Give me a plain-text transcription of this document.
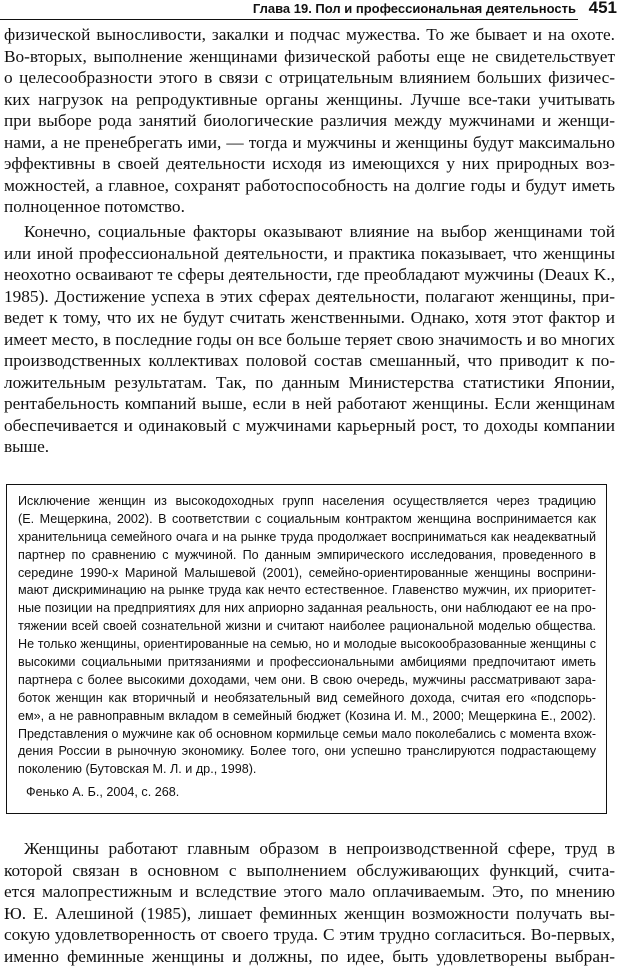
Глава 19. Пол и профессиональная деятельность 451
физической выносливости, закалки и подчас мужества. То же бывает и на охоте.
Во-вторых, выполнение женщинами физической работы еще не свидетельствует
о целесообразности этого в связи с отрицательным влиянием больших физичес-
ких нагрузок на репродуктивные органы женщины. Лучше все-таки учитывать
при выборе рода занятий биологические различия между мужчинами и женщи-
нами, а не пренебрегать ими, — тогда и мужчины и женщины будут максимально
эффективны в своей деятельности исходя из имеющихся у них природных воз-
можностей, а главное, сохранят работоспособность на долгие годы и будут иметь
полноценное потомство.
Конечно, социальные факторы оказывают влияние на выбор женщинами той
или иной профессиональной деятельности, и практика показывает, что женщины
неохотно осваивают те сферы деятельности, где преобладают мужчины (Deaux K.,
1985). Достижение успеха в этих сферах деятельности, полагают женщины, при-
ведет к тому, что их не будут считать женственными. Однако, хотя этот фактор и
имеет место, в последние годы он все больше теряет свою значимость и во многих
производственных коллективах половой состав смешанный, что приводит к по-
ложительным результатам. Так, по данным Министерства статистики Японии,
рентабельность компаний выше, если в ней работают женщины. Если женщинам
обеспечивается и одинаковый с мужчинами карьерный рост, то доходы компании
выше.
Исключение женщин из высокодоходных групп населения осуществляется через традицию
(Е. Мещеркина, 2002). В соответствии с социальным контрактом женщина воспринимается как
хранительница семейного очага и на рынке труда продолжает восприниматься как неадекватный
партнер по сравнению с мужчиной. По данным эмпирического исследования, проведенного в
середине 1990-х Мариной Малышевой (2001), семейно-ориентированные женщины восприни-
мают дискриминацию на рынке труда как нечто естественное. Главенство мужчин, их приоритет-
ные позиции на предприятиях для них априорно заданная реальность, они наблюдают ее на про-
тяжении всей своей сознательной жизни и считают наиболее рациональной моделью общества.
Не только женщины, ориентированные на семью, но и молодые высокообразованные женщины с
высокими социальными притязаниями и профессиональными амбициями предпочитают иметь
партнера с более высокими доходами, чем они. В свою очередь, мужчины рассматривают зара-
боток женщин как вторичный и необязательный вид семейного дохода, считая его «подспорь-
ем», а не равноправным вкладом в семейный бюджет (Козина И. М., 2000; Мещеркина Е., 2002).
Представления о мужчине как об основном кормильце семьи мало поколебались с момента вхож-
дения России в рыночную экономику. Более того, они успешно транслируются подрастающему
поколению (Бутовская М. Л. и др., 1998).
Фенько А. Б., 2004, с. 268.
Женщины работают главным образом в непроизводственной сфере, труд в
которой связан в основном с выполнением обслуживающих функций, счита-
ется малопрестижным и вследствие этого мало оплачиваемым. Это, по мнению
Ю. Е. Алешиной (1985), лишает феминных женщин возможности получать вы-
сокую удовлетворенность от своего труда. С этим трудно согласиться. Во-первых,
именно феминные женщины и должны, по идее, быть удовлетворены выбран-
